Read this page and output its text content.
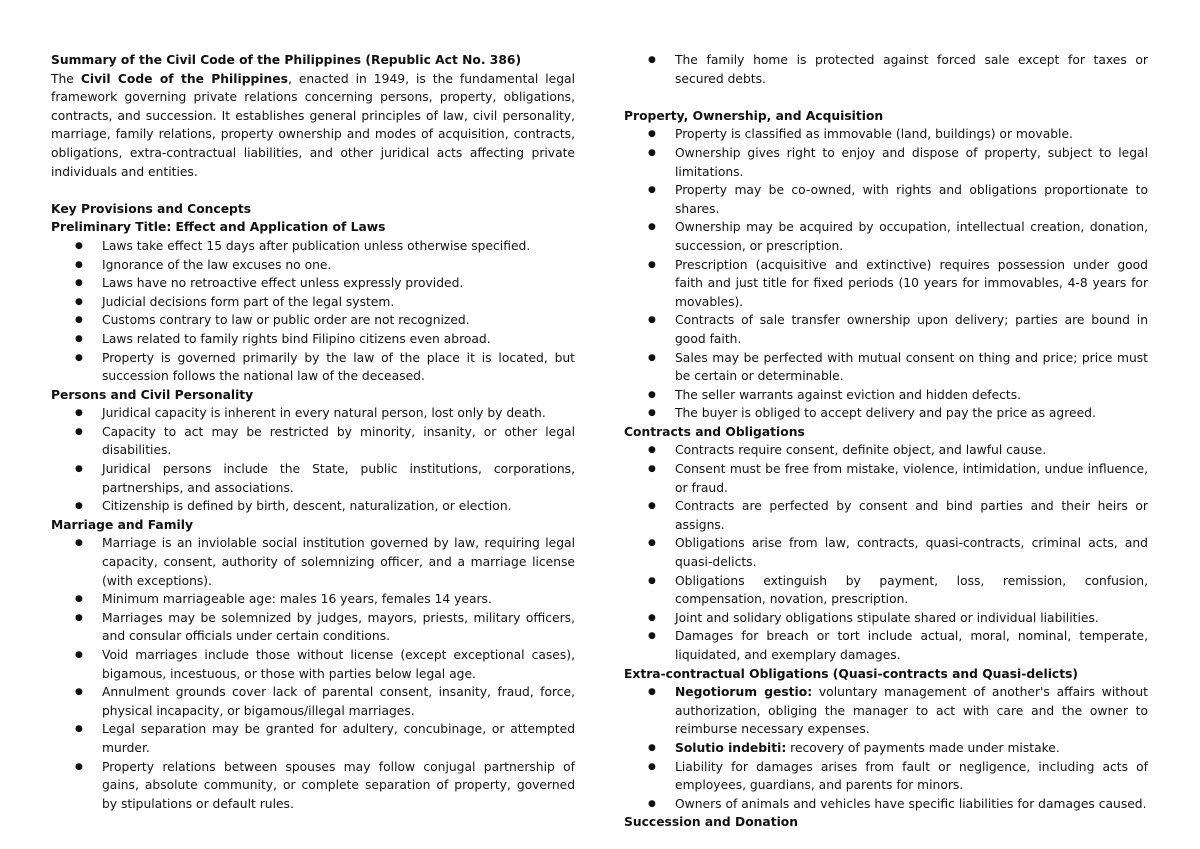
Summary of the Civil Code of the Philippines (Republic Act No. 386)
The Civil Code of the Philippines, enacted in 1949, is the fundamental legal framework governing private relations concerning persons, property, obligations, contracts, and succession. It establishes general principles of law, civil personality, marriage, family relations, property ownership and modes of acquisition, contracts, obligations, extra-contractual liabilities, and other juridical acts affecting private individuals and entities.
Key Provisions and Concepts
Preliminary Title: Effect and Application of Laws
● Laws take effect 15 days after publication unless otherwise specified.
● Ignorance of the law excuses no one.
● Laws have no retroactive effect unless expressly provided.
● Judicial decisions form part of the legal system.
● Customs contrary to law or public order are not recognized.
● Laws related to family rights bind Filipino citizens even abroad.
● Property is governed primarily by the law of the place it is located, but succession follows the national law of the deceased.
Persons and Civil Personality
● Juridical capacity is inherent in every natural person, lost only by death.
● Capacity to act may be restricted by minority, insanity, or other legal disabilities.
● Juridical persons include the State, public institutions, corporations, partnerships, and associations.
● Citizenship is defined by birth, descent, naturalization, or election.
Marriage and Family
● Marriage is an inviolable social institution governed by law, requiring legal capacity, consent, authority of solemnizing officer, and a marriage license (with exceptions).
● Minimum marriageable age: males 16 years, females 14 years.
● Marriages may be solemnized by judges, mayors, priests, military officers, and consular officials under certain conditions.
● Void marriages include those without license (except exceptional cases), bigamous, incestuous, or those with parties below legal age.
● Annulment grounds cover lack of parental consent, insanity, fraud, force, physical incapacity, or bigamous/illegal marriages.
● Legal separation may be granted for adultery, concubinage, or attempted murder.
● Property relations between spouses may follow conjugal partnership of gains, absolute community, or complete separation of property, governed by stipulations or default rules.
● The family home is protected against forced sale except for taxes or secured debts.
Property, Ownership, and Acquisition
● Property is classified as immovable (land, buildings) or movable.
● Ownership gives right to enjoy and dispose of property, subject to legal limitations.
● Property may be co-owned, with rights and obligations proportionate to shares.
● Ownership may be acquired by occupation, intellectual creation, donation, succession, or prescription.
● Prescription (acquisitive and extinctive) requires possession under good faith and just title for fixed periods (10 years for immovables, 4-8 years for movables).
● Contracts of sale transfer ownership upon delivery; parties are bound in good faith.
● Sales may be perfected with mutual consent on thing and price; price must be certain or determinable.
● The seller warrants against eviction and hidden defects.
● The buyer is obliged to accept delivery and pay the price as agreed.
Contracts and Obligations
● Contracts require consent, definite object, and lawful cause.
● Consent must be free from mistake, violence, intimidation, undue influence, or fraud.
● Contracts are perfected by consent and bind parties and their heirs or assigns.
● Obligations arise from law, contracts, quasi-contracts, criminal acts, and quasi-delicts.
● Obligations extinguish by payment, loss, remission, confusion, compensation, novation, prescription.
● Joint and solidary obligations stipulate shared or individual liabilities.
● Damages for breach or tort include actual, moral, nominal, temperate, liquidated, and exemplary damages.
Extra-contractual Obligations (Quasi-contracts and Quasi-delicts)
● Negotiorum gestio: voluntary management of another's affairs without authorization, obliging the manager to act with care and the owner to reimburse necessary expenses.
● Solutio indebiti: recovery of payments made under mistake.
● Liability for damages arises from fault or negligence, including acts of employees, guardians, and parents for minors.
● Owners of animals and vehicles have specific liabilities for damages caused.
Succession and Donation
